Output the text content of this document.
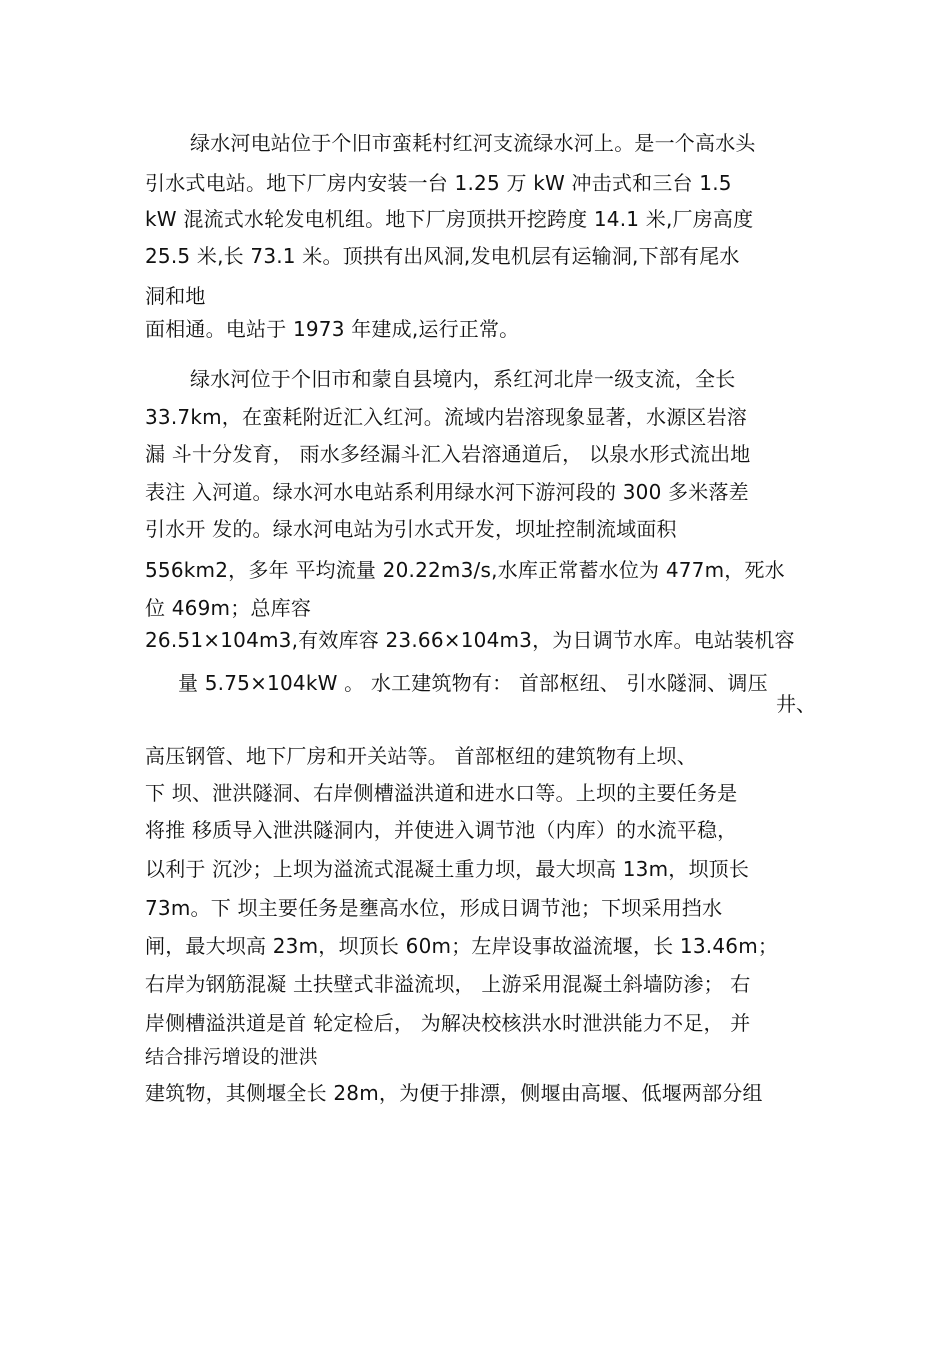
绿水河电站位于个旧市蛮耗村红河支流绿水河上。是一个高水头
引水式电站。地下厂房内安装一台 1.25 万 kW 冲击式和三台 1.5
kW 混流式水轮发电机组。地下厂房顶拱开挖跨度 14.1 米,厂房高度
25.5 米,长 73.1 米。顶拱有出风洞,发电机层有运输洞,下部有尾水
洞和地
面相通。电站于 1973 年建成,运行正常。
绿水河位于个旧市和蒙自县境内，系红河北岸一级支流，全长
33.7km，在蛮耗附近汇入红河。流域内岩溶现象显著，水源区岩溶
漏 斗十分发育， 雨水多经漏斗汇入岩溶通道后， 以泉水形式流出地
表注 入河道。绿水河水电站系利用绿水河下游河段的 300 多米落差
引水开 发的。绿水河电站为引水式开发，坝址控制流域面积
556km2，多年 平均流量 20.22m3/s,水库正常蓄水位为 477m，死水
位 469m；总库容
26.51×104m3,有效库容 23.66×104m3，为日调节水库。电站装机容
量 5.75×104kW 。 水工建筑物有： 首部枢纽、 引水隧洞、调压
井、
高压钢管、地下厂房和开关站等。 首部枢纽的建筑物有上坝、
下 坝、泄洪隧洞、右岸侧槽溢洪道和进水口等。上坝的主要任务是
将推 移质导入泄洪隧洞内，并使进入调节池（内库）的水流平稳，
以利于 沉沙；上坝为溢流式混凝土重力坝，最大坝高 13m，坝顶长
73m。下 坝主要任务是壅高水位，形成日调节池；下坝采用挡水
闸，最大坝高 23m，坝顶长 60m；左岸设事故溢流堰，长 13.46m；
右岸为钢筋混凝 土扶壁式非溢流坝， 上游采用混凝土斜墙防渗； 右
岸侧槽溢洪道是首 轮定检后， 为解决校核洪水时泄洪能力不足， 并
结合排污增设的泄洪
建筑物，其侧堰全长 28m，为便于排漂，侧堰由高堰、低堰两部分组
